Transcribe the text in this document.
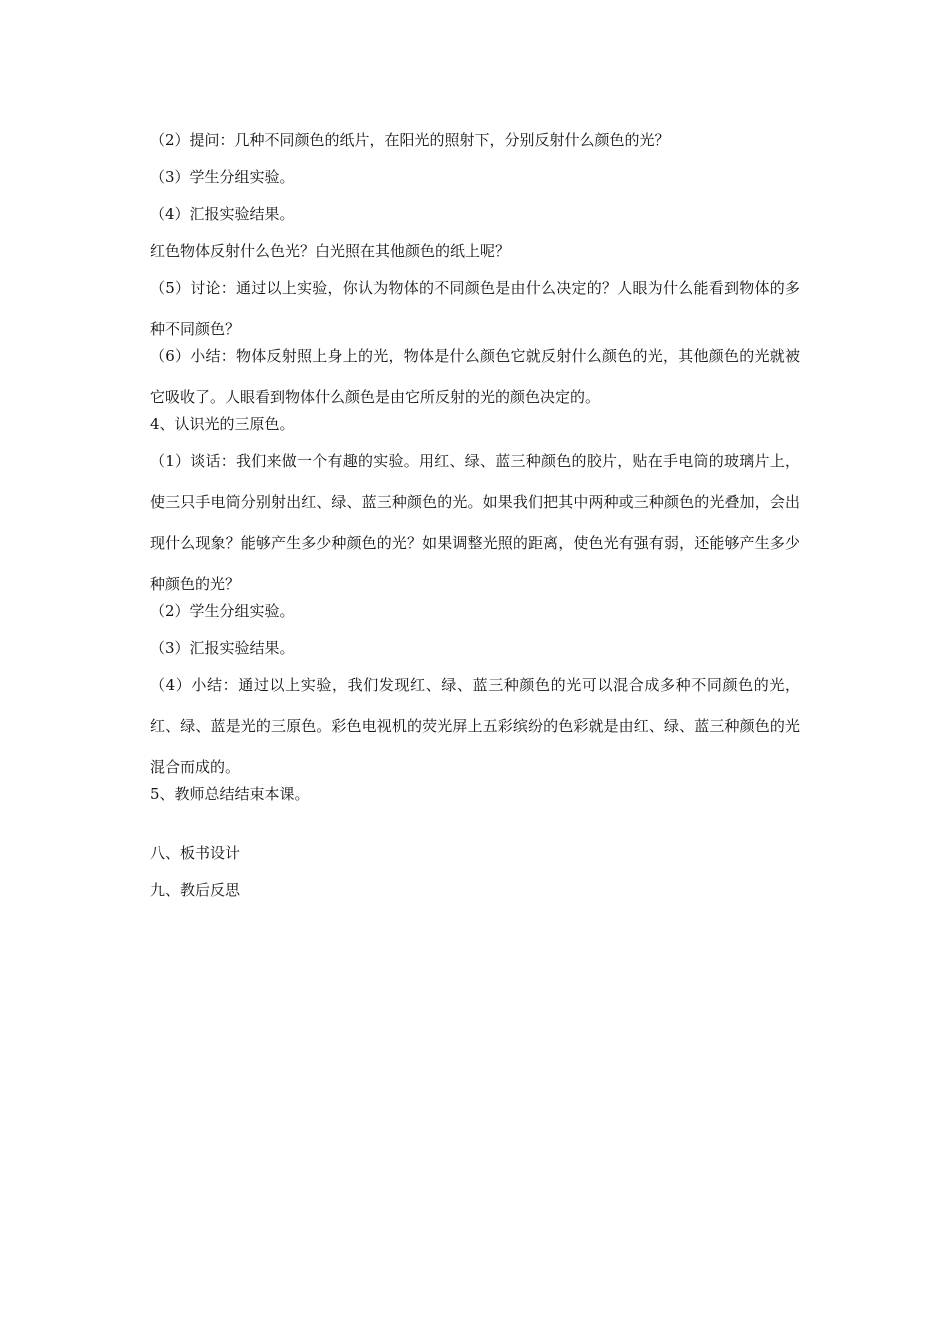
（2）提问：几种不同颜色的纸片，在阳光的照射下，分别反射什么颜色的光？

（3）学生分组实验。

（4）汇报实验结果。

红色物体反射什么色光？白光照在其他颜色的纸上呢？

（5）讨论：通过以上实验，你认为物体的不同颜色是由什么决定的？人眼为什么能看到物体的多种不同颜色？

（6）小结：物体反射照上身上的光，物体是什么颜色它就反射什么颜色的光，其他颜色的光就被它吸收了。人眼看到物体什么颜色是由它所反射的光的颜色决定的。

4、认识光的三原色。

（1）谈话：我们来做一个有趣的实验。用红、绿、蓝三种颜色的胶片，贴在手电筒的玻璃片上，使三只手电筒分别射出红、绿、蓝三种颜色的光。如果我们把其中两种或三种颜色的光叠加，会出现什么现象？能够产生多少种颜色的光？如果调整光照的距离，使色光有强有弱，还能够产生多少种颜色的光？

（2）学生分组实验。

（3）汇报实验结果。

（4）小结：通过以上实验，我们发现红、绿、蓝三种颜色的光可以混合成多种不同颜色的光，红、绿、蓝是光的三原色。彩色电视机的荧光屏上五彩缤纷的色彩就是由红、绿、蓝三种颜色的光混合而成的。

5、教师总结结束本课。

八、板书设计

九、教后反思
